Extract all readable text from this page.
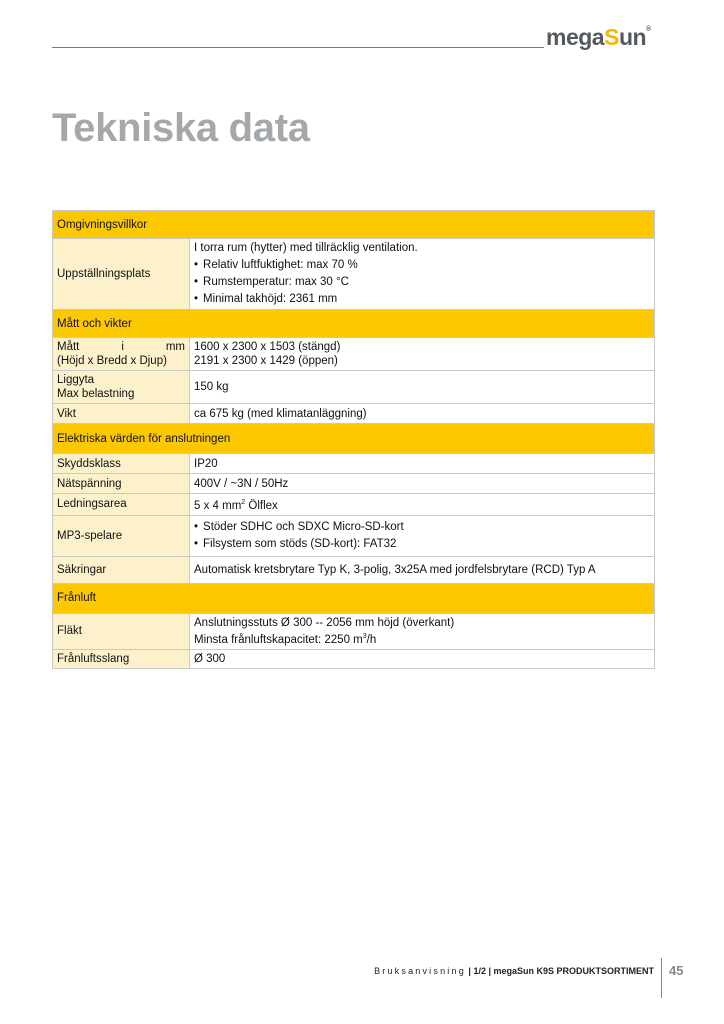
megaSun®
Tekniska data
Omgivningsvillkor	
Uppställningsplats	I torra rum (hytter) med tillräcklig ventilation.
• Relativ luftfuktighet: max 70 %
• Rumstemperatur: max 30 °C
• Minimal takhöjd: 2361 mm

Mått och vikter	

Mått i mm
(Höjd x Bredd x Djup)	1600 x 2300 x 1503 (stängd)
2191 x 2300 x 1429 (öppen)

Liggyta
Max belastning	150 kg
Vikt	ca 675 kg (med klimatanläggning)
Elektriska värden för anslutningen	
Skyddsklass	IP20
Nätspänning	400V / ~3N / 50Hz
Ledningsarea	5 x 4 $mm^2$ Ölflex
MP3-spelare	• Stöder SDHC och SDXC Micro-SD-kort
• Filsystem som stöds (SD-kort): FAT32

Säkringar	Automatisk kretsbrytare Typ K, 3-polig, 3x25A med jordfelsbrytare (RCD) Typ A
Frånluft	
Fläkt	Anslutningsstuts Ø 300 -- 2056 mm höjd (överkant)
Minsta frånluftskapacitet: 2250 $m^3/h$

Frånluftsslang	Ø 300
Bruksanvisning | 1/2 | megaSun K9S PRODUKTSORTIMENT 45
